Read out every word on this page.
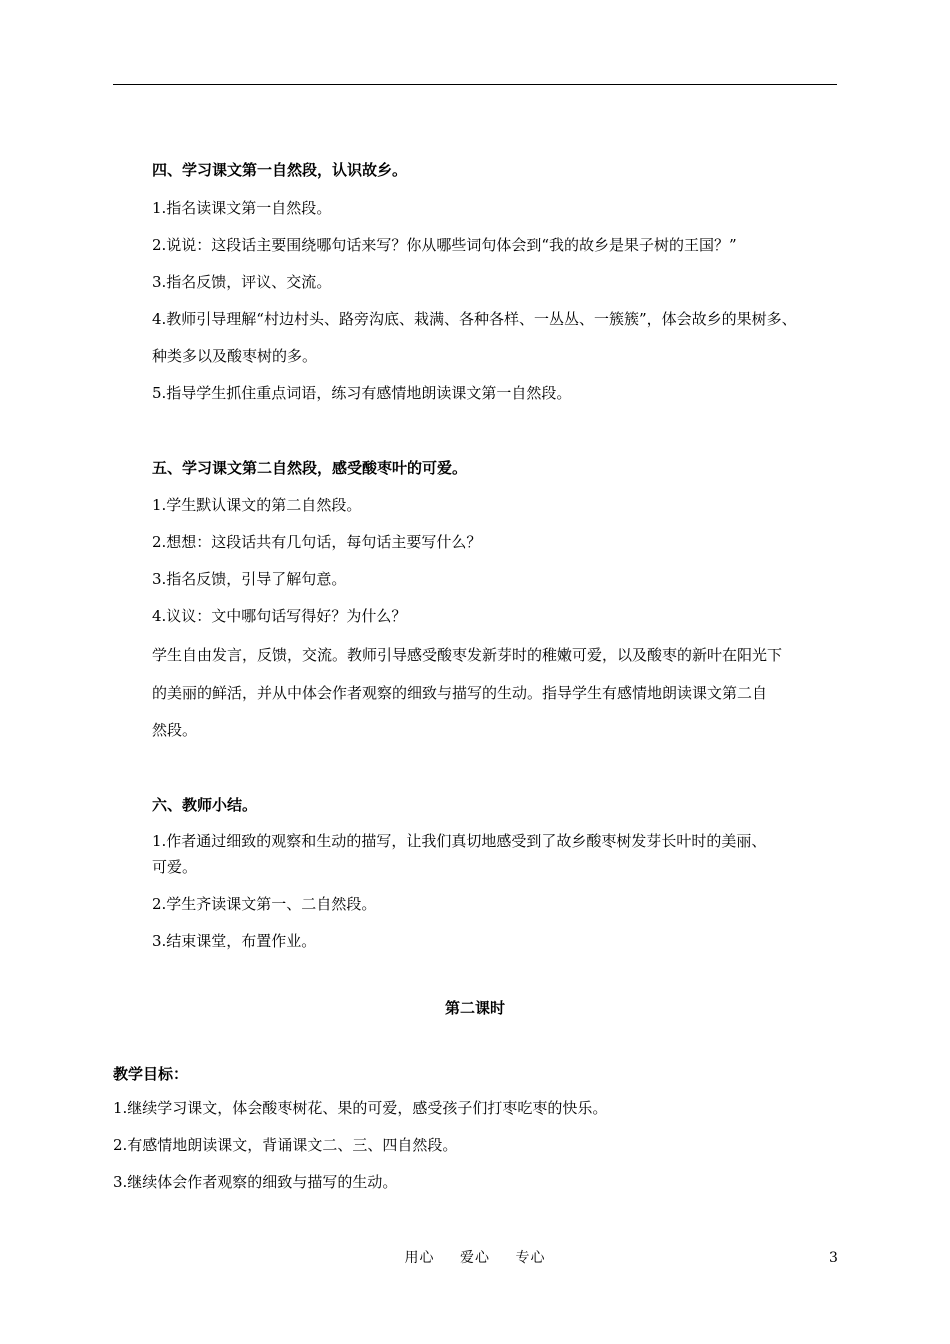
四、学习课文第一自然段，认识故乡。
1.指名读课文第一自然段。
2.说说：这段话主要围绕哪句话来写？你从哪些词句体会到“我的故乡是果子树的王国？”
3.指名反馈，评议、交流。
4.教师引导理解“村边村头、路旁沟底、栽满、各种各样、一丛丛、一簇簇”，体会故乡的果树多、
种类多以及酸枣树的多。
5.指导学生抓住重点词语，练习有感情地朗读课文第一自然段。
五、学习课文第二自然段，感受酸枣叶的可爱。
1.学生默认课文的第二自然段。
2.想想：这段话共有几句话，每句话主要写什么？
3.指名反馈，引导了解句意。
4.议议：文中哪句话写得好？为什么？
学生自由发言，反馈，交流。教师引导感受酸枣发新芽时的稚嫩可爱，以及酸枣的新叶在阳光下
的美丽的鲜活，并从中体会作者观察的细致与描写的生动。指导学生有感情地朗读课文第二自
然段。
六、教师小结。
1.作者通过细致的观察和生动的描写，让我们真切地感受到了故乡酸枣树发芽长叶时的美丽、
可爱。
2.学生齐读课文第一、二自然段。
3.结束课堂，布置作业。
第二课时
教学目标：
1.继续学习课文，体会酸枣树花、果的可爱，感受孩子们打枣吃枣的快乐。
2.有感情地朗读课文，背诵课文二、三、四自然段。
3.继续体会作者观察的细致与描写的生动。
用心 爱心 专心	3
